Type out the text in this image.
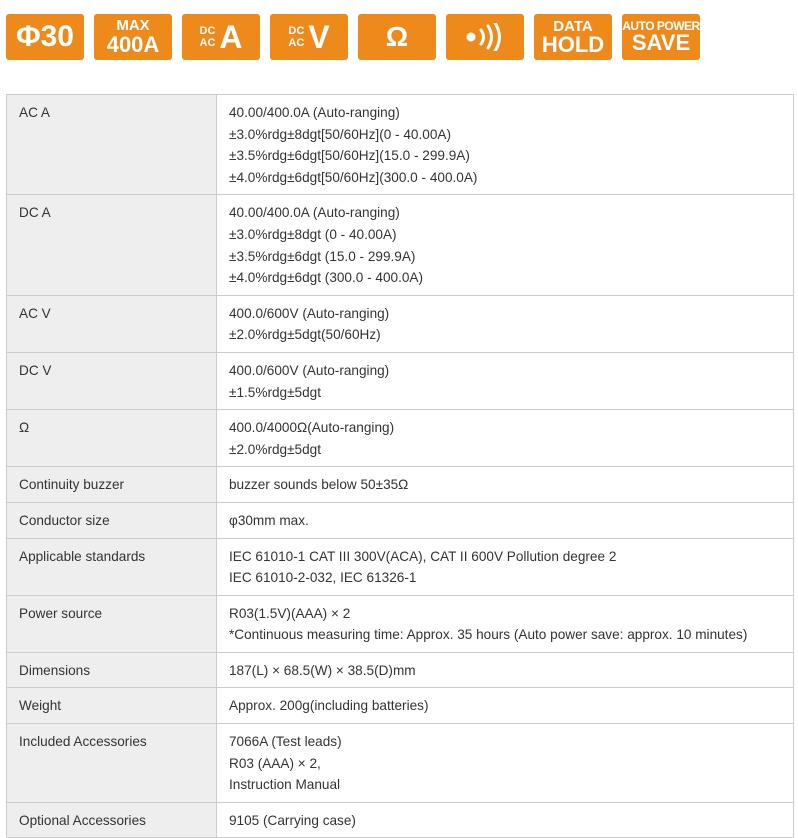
Φ 30	MAX
400A
DC
AC A	DC
AC V Ω	DATA
HOLD
AUTO POWER
SAVE
AC A	40.00/400.0A (Auto-ranging)
±3.0%rdg±8dgt[50/60Hz](0 - 40.00A)
±3.5%rdg±6dgt[50/60Hz](15.0 - 299.9A)
±4.0%rdg±6dgt[50/60Hz](300.0 - 400.0A)

DC A	40.00/400.0A (Auto-ranging)
±3.0%rdg±8dgt (0 - 40.00A)
±3.5%rdg±6dgt (15.0 - 299.9A)
±4.0%rdg±6dgt (300.0 - 400.0A)

AC V	400.0/600V (Auto-ranging)
±2.0%rdg±5dgt(50/60Hz)

DC V	400.0/600V (Auto-ranging)
±1.5%rdg±5dgt

Ω	400.0/4000Ω(Auto-ranging)
±2.0%rdg±5dgt

Continuity buzzer	buzzer sounds below 50±35Ω

Conductor size	φ30mm max.

Applicable standards	IEC 61010-1 CAT III 300V(ACA), CAT II 600V Pollution degree 2
IEC 61010-2-032, IEC 61326-1

Power source	R03(1.5V)(AAA) × 2
*Continuous measuring time: Approx. 35 hours (Auto power save: approx. 10 minutes)

Dimensions	187(L) × 68.5(W) × 38.5(D)mm

Weight	Approx. 200g(including batteries)

Included Accessories	7066A (Test leads)
R03 (AAA) × 2,
Instruction Manual

Optional Accessories	9105 (Carrying case)
